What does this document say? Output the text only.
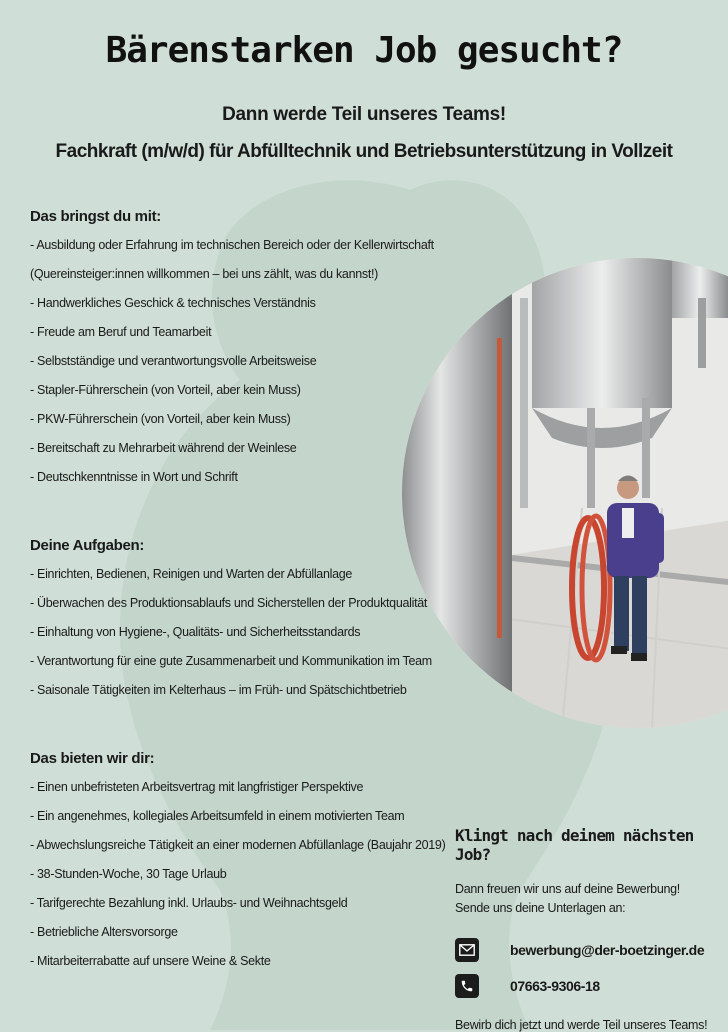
Bärenstarken Job gesucht?
Dann werde Teil unseres Teams!
Fachkraft (m/w/d) für Abfülltechnik und Betriebsunterstützung in Vollzeit
Das bringst du mit:
- Ausbildung oder Erfahrung im technischen Bereich oder der Kellerwirtschaft
(Quereinsteiger:innen willkommen – bei uns zählt, was du kannst!)
- Handwerkliches Geschick & technisches Verständnis
- Freude am Beruf und Teamarbeit
- Selbstständige und verantwortungsvolle Arbeitsweise
- Stapler-Führerschein (von Vorteil, aber kein Muss)
- PKW-Führerschein (von Vorteil, aber kein Muss)
- Bereitschaft zu Mehrarbeit während der Weinlese
- Deutschkenntnisse in Wort und Schrift
Deine Aufgaben:
- Einrichten, Bedienen, Reinigen und Warten der Abfüllanlage
- Überwachen des Produktionsablaufs und Sicherstellen der Produktqualität
- Einhaltung von Hygiene-, Qualitäts- und Sicherheitsstandards
- Verantwortung für eine gute Zusammenarbeit und Kommunikation im Team
- Saisonale Tätigkeiten im Kelterhaus – im Früh- und Spätschichtbetrieb
Das bieten wir dir:
- Einen unbefristeten Arbeitsvertrag mit langfristiger Perspektive
- Ein angenehmes, kollegiales Arbeitsumfeld in einem motivierten Team
- Abwechslungsreiche Tätigkeit an einer modernen Abfüllanlage (Baujahr 2019)
- 38-Stunden-Woche, 30 Tage Urlaub
- Tarifgerechte Bezahlung inkl. Urlaubs- und Weihnachtsgeld
- Betriebliche Altersvorsorge
- Mitarbeiterrabatte auf unsere Weine & Sekte
Klingt nach deinem nächsten Job?
Dann freuen wir uns auf deine Bewerbung!
Sende uns deine Unterlagen an:
bewerbung@der-boetzinger.de
07663-9306-18
Bewirb dich jetzt und werde Teil unseres Teams!
